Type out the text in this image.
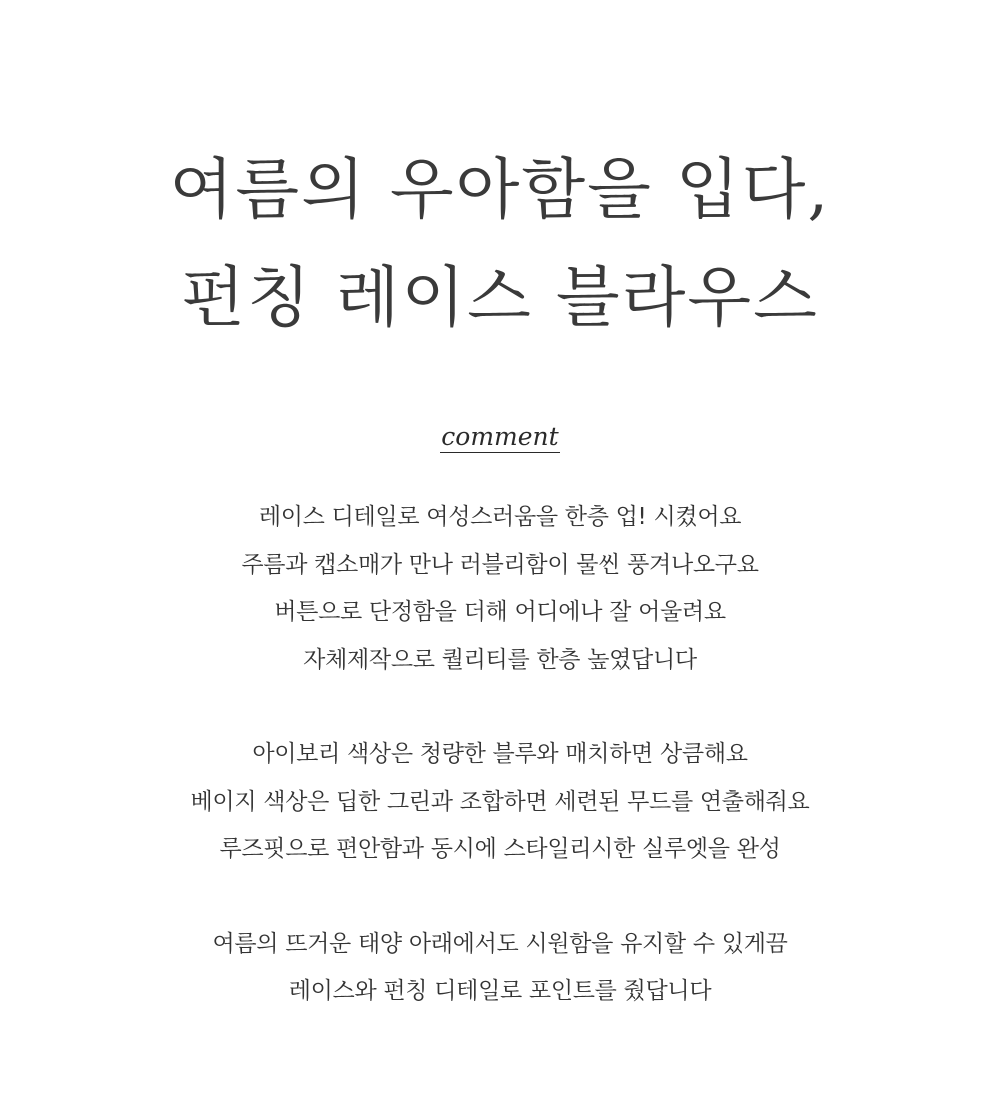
여름의 우아함을 입다,
펀칭 레이스 블라우스
comment

레이스 디테일로 여성스러움을 한층 업! 시켰어요
주름과 캡소매가 만나 러블리함이 물씬 풍겨나오구요
버튼으로 단정함을 더해 어디에나 잘 어울려요
자체제작으로 퀄리티를 한층 높였답니다

아이보리 색상은 청량한 블루와 매치하면 상큼해요
베이지 색상은 딥한 그린과 조합하면 세련된 무드를 연출해줘요
루즈핏으로 편안함과 동시에 스타일리시한 실루엣을 완성

여름의 뜨거운 태양 아래에서도 시원함을 유지할 수 있게끔
레이스와 펀칭 디테일로 포인트를 줬답니다
